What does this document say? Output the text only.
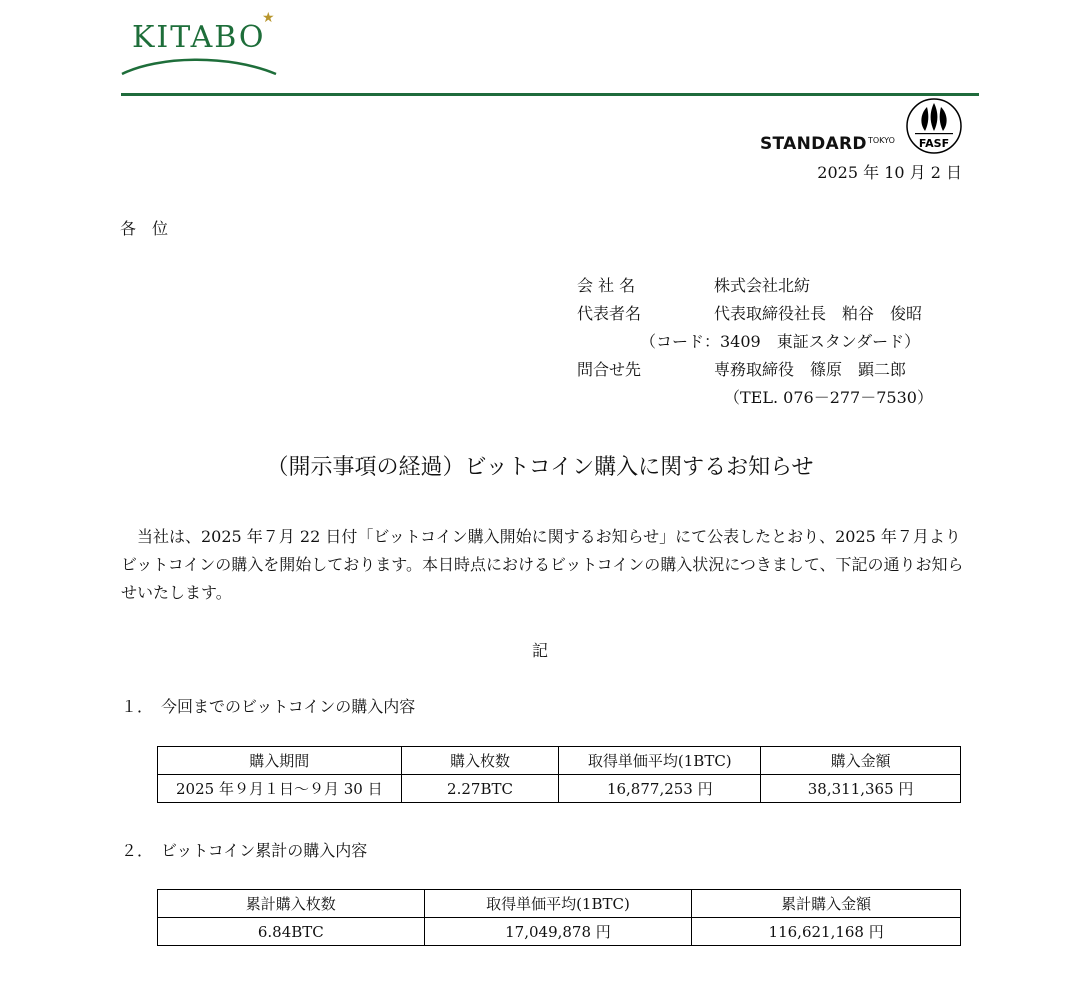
KITABO
★
STANDARD TOKYO FASF
2025 年 10 月 2 日
各　位
会 社 名	株式会社北紡
代表者名	代表取締役社長　粕谷　俊昭
（コード：3409　東証スタンダード）
問合せ先	専務取締役　篠原　顕二郎
（TEL. 076－277－7530）
（開示事項の経過）ビットコイン購入に関するお知らせ
当社は、2025 年７月 22 日付「ビットコイン購入開始に関するお知らせ」にて公表したとおり、2025 年７月よりビットコインの購入を開始しております。本日時点におけるビットコインの購入状況につきまして、下記の通りお知らせいたします。
記
１．　今回までのビットコインの購入内容
購入期間	購入枚数	取得単価平均(1BTC)	購入金額
2025 年９月１日～９月 30 日	2.27BTC	16,877,253 円	38,311,365 円
２．　ビットコイン累計の購入内容
累計購入枚数	取得単価平均(1BTC)	累計購入金額
6.84BTC	17,049,878 円	116,621,168 円
